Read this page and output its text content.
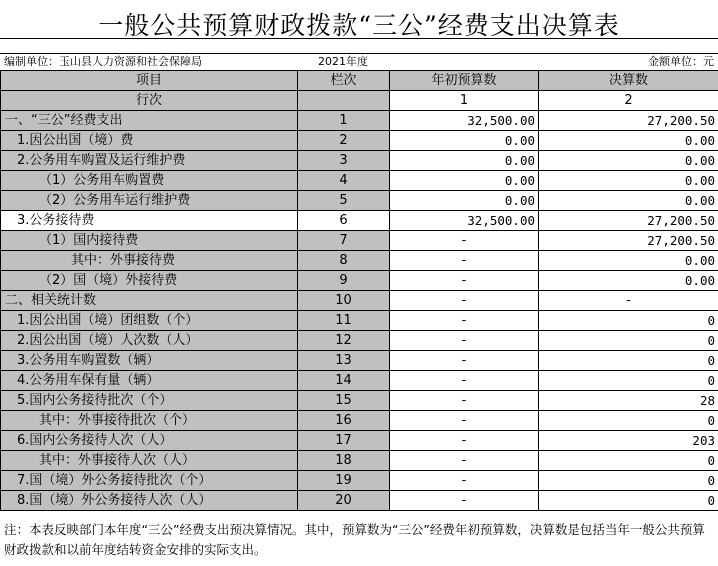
一般公共预算财政拨款“三公”经费支出决算表
编制单位：玉山县人力资源和社会保障局	2021年度	金额单位：元
项目	栏次	年初预算数	决算数
行次		1	2
一、“三公”经费支出	1	32,500.00	27,200.50
1.因公出国（境）费	2	0.00	0.00
2.公务用车购置及运行维护费	3	0.00	0.00
（1）公务用车购置费	4	0.00	0.00
（2）公务用车运行维护费	5	0.00	0.00
3.公务接待费	6	32,500.00	27,200.50
（1）国内接待费	7	-	27,200.50
其中：外事接待费	8	-	0.00
（2）国（境）外接待费	9	-	0.00
二、相关统计数	10	-	-
1.因公出国（境）团组数（个）	11	-	0
2.因公出国（境）人次数（人）	12	-	0
3.公务用车购置数（辆）	13	-	0
4.公务用车保有量（辆）	14	-	0
5.国内公务接待批次（个）	15	-	28
其中：外事接待批次（个）	16	-	0
6.国内公务接待人次（人）	17	-	203
其中：外事接待人次（人）	18	-	0
7.国（境）外公务接待批次（个）	19	-	0
8.国（境）外公务接待人次（人）	20	-	0
注：本表反映部门本年度“三公”经费支出预决算情况。其中，预算数为“三公”经费年初预算数，决算数是包括当年一般公共预算财政拨款和以前年度结转资金安排的实际支出。
